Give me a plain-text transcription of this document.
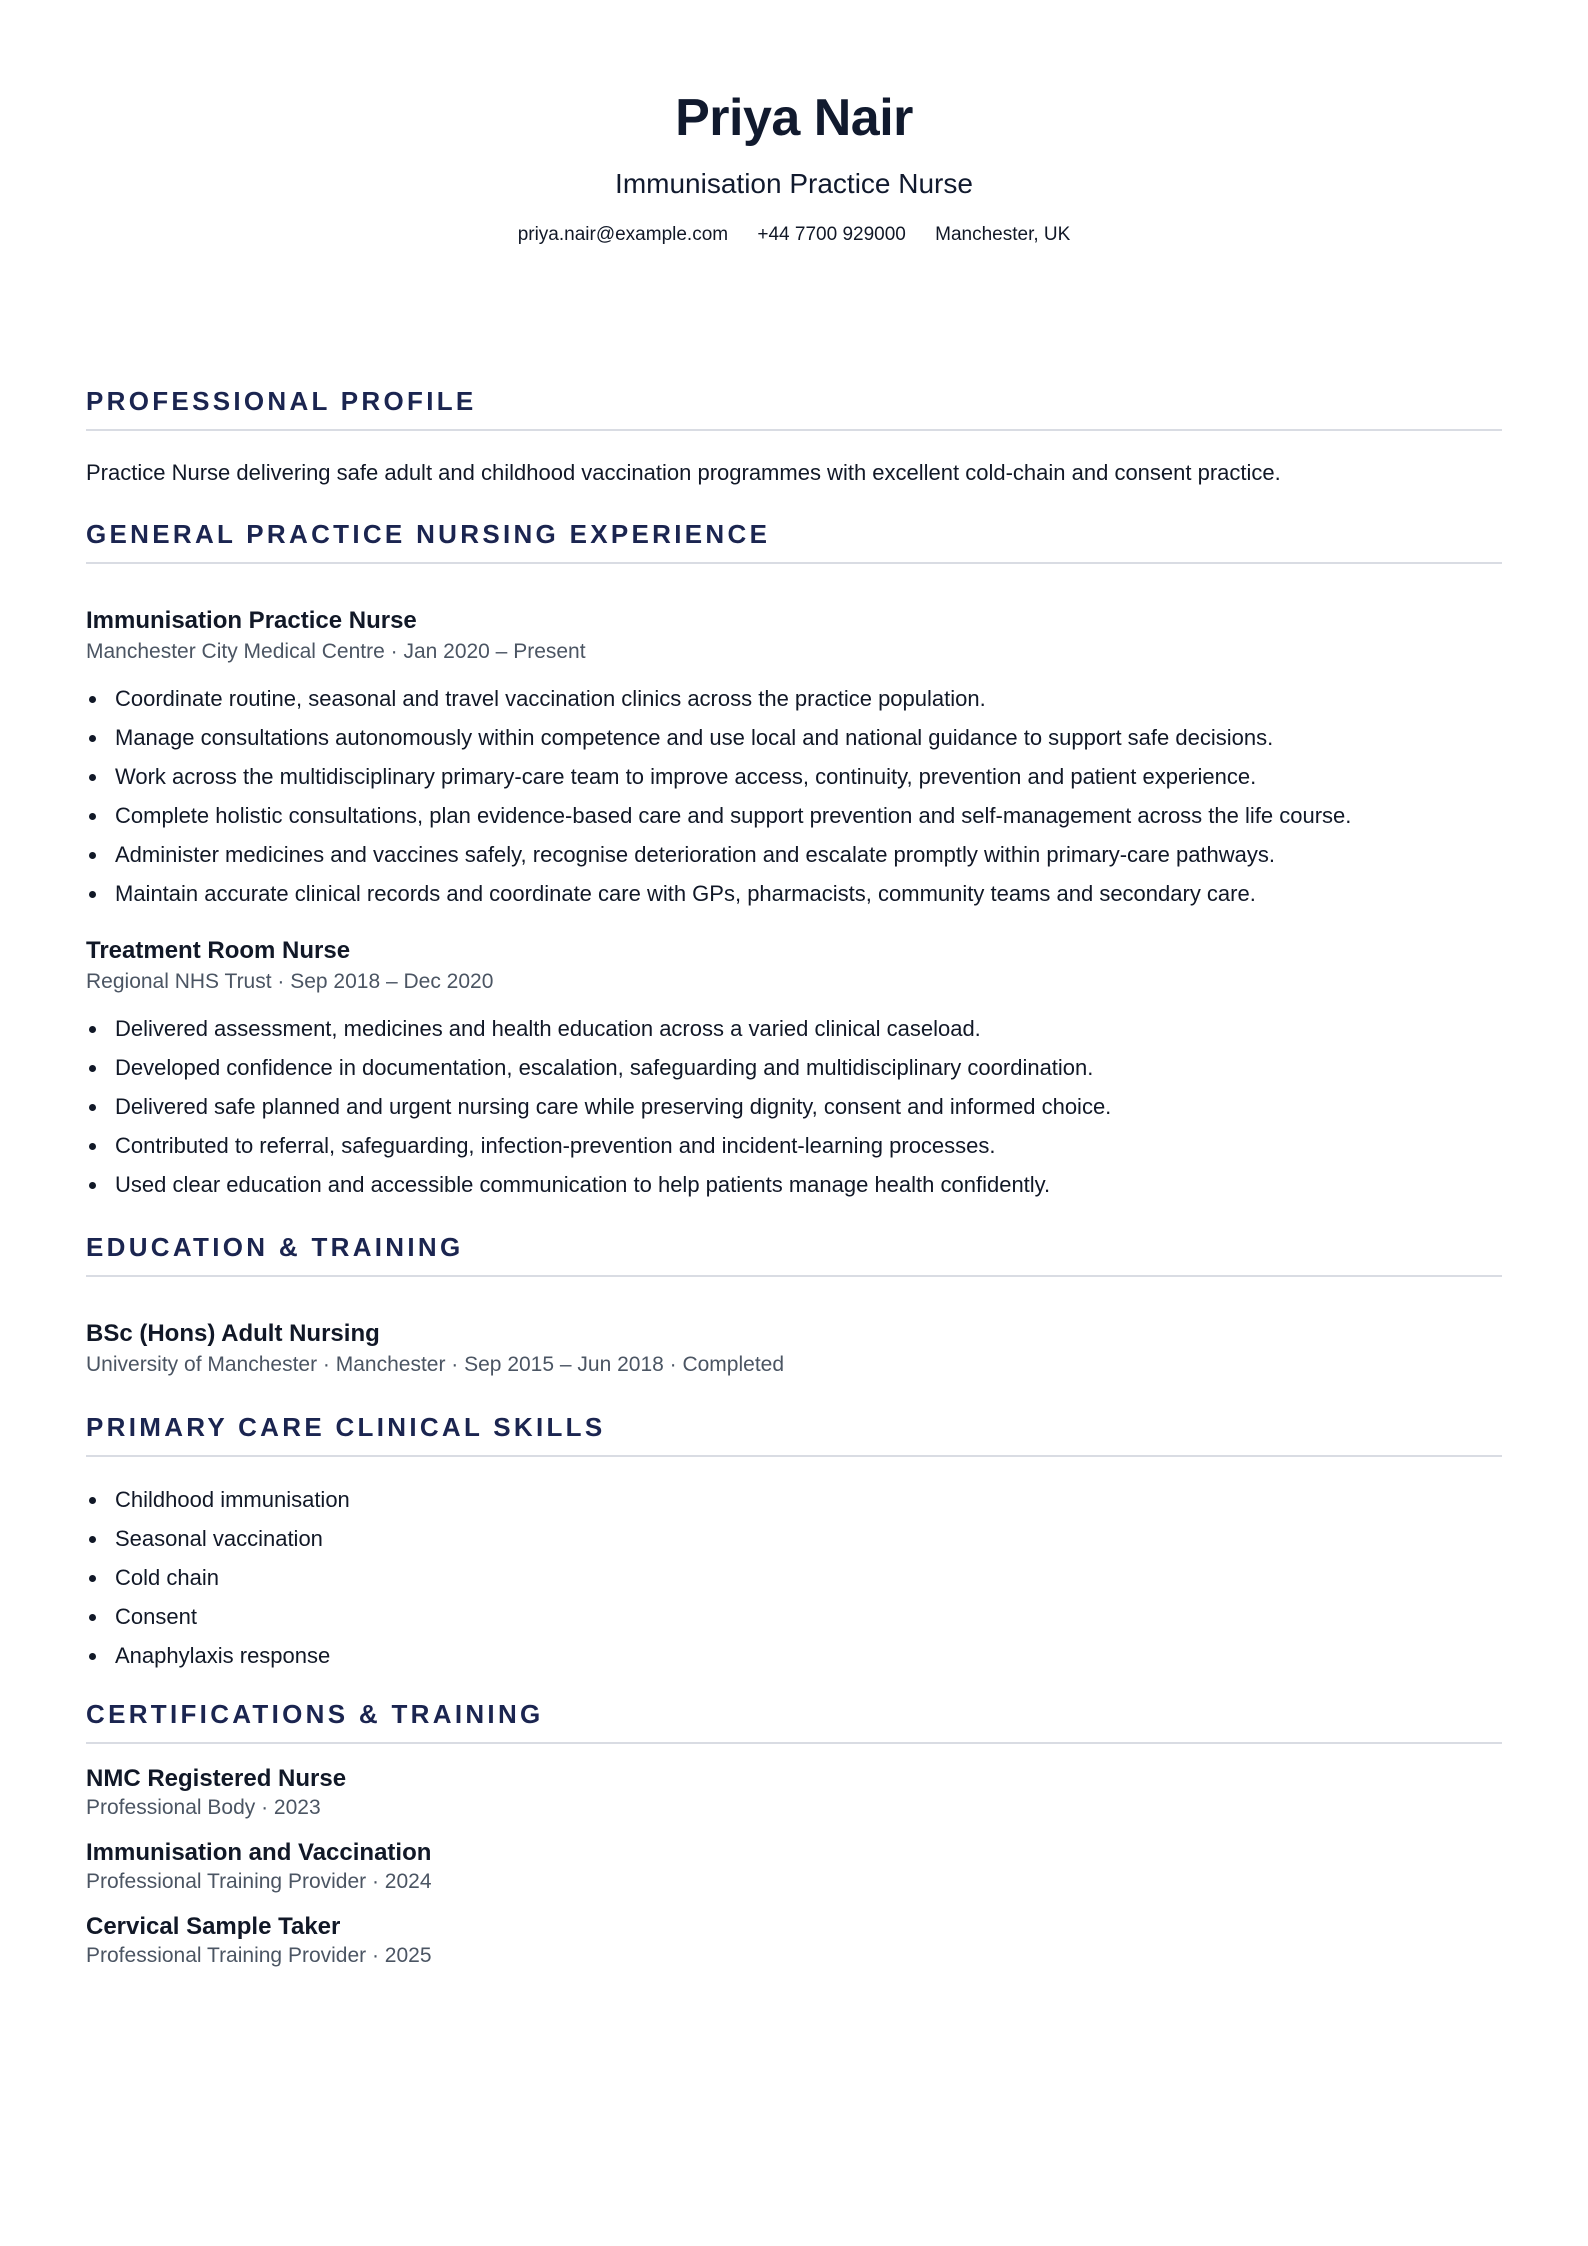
Priya Nair
Immunisation Practice Nurse
priya.nair@example.com +44 7700 929000 Manchester, UK
PROFESSIONAL PROFILE
Practice Nurse delivering safe adult and childhood vaccination programmes with excellent cold-chain and consent practice.
GENERAL PRACTICE NURSING EXPERIENCE
Immunisation Practice Nurse
Manchester City Medical Centre · Jan 2020 – Present
Coordinate routine, seasonal and travel vaccination clinics across the practice population.
Manage consultations autonomously within competence and use local and national guidance to support safe decisions.
Work across the multidisciplinary primary-care team to improve access, continuity, prevention and patient experience.
Complete holistic consultations, plan evidence-based care and support prevention and self-management across the life course.
Administer medicines and vaccines safely, recognise deterioration and escalate promptly within primary-care pathways.
Maintain accurate clinical records and coordinate care with GPs, pharmacists, community teams and secondary care.
Treatment Room Nurse
Regional NHS Trust · Sep 2018 – Dec 2020
Delivered assessment, medicines and health education across a varied clinical caseload.
Developed confidence in documentation, escalation, safeguarding and multidisciplinary coordination.
Delivered safe planned and urgent nursing care while preserving dignity, consent and informed choice.
Contributed to referral, safeguarding, infection-prevention and incident-learning processes.
Used clear education and accessible communication to help patients manage health confidently.
EDUCATION & TRAINING
BSc (Hons) Adult Nursing
University of Manchester · Manchester · Sep 2015 – Jun 2018 · Completed
PRIMARY CARE CLINICAL SKILLS
Childhood immunisation
Seasonal vaccination
Cold chain
Consent
Anaphylaxis response
CERTIFICATIONS & TRAINING
NMC Registered Nurse
Professional Body · 2023
Immunisation and Vaccination
Professional Training Provider · 2024
Cervical Sample Taker
Professional Training Provider · 2025
